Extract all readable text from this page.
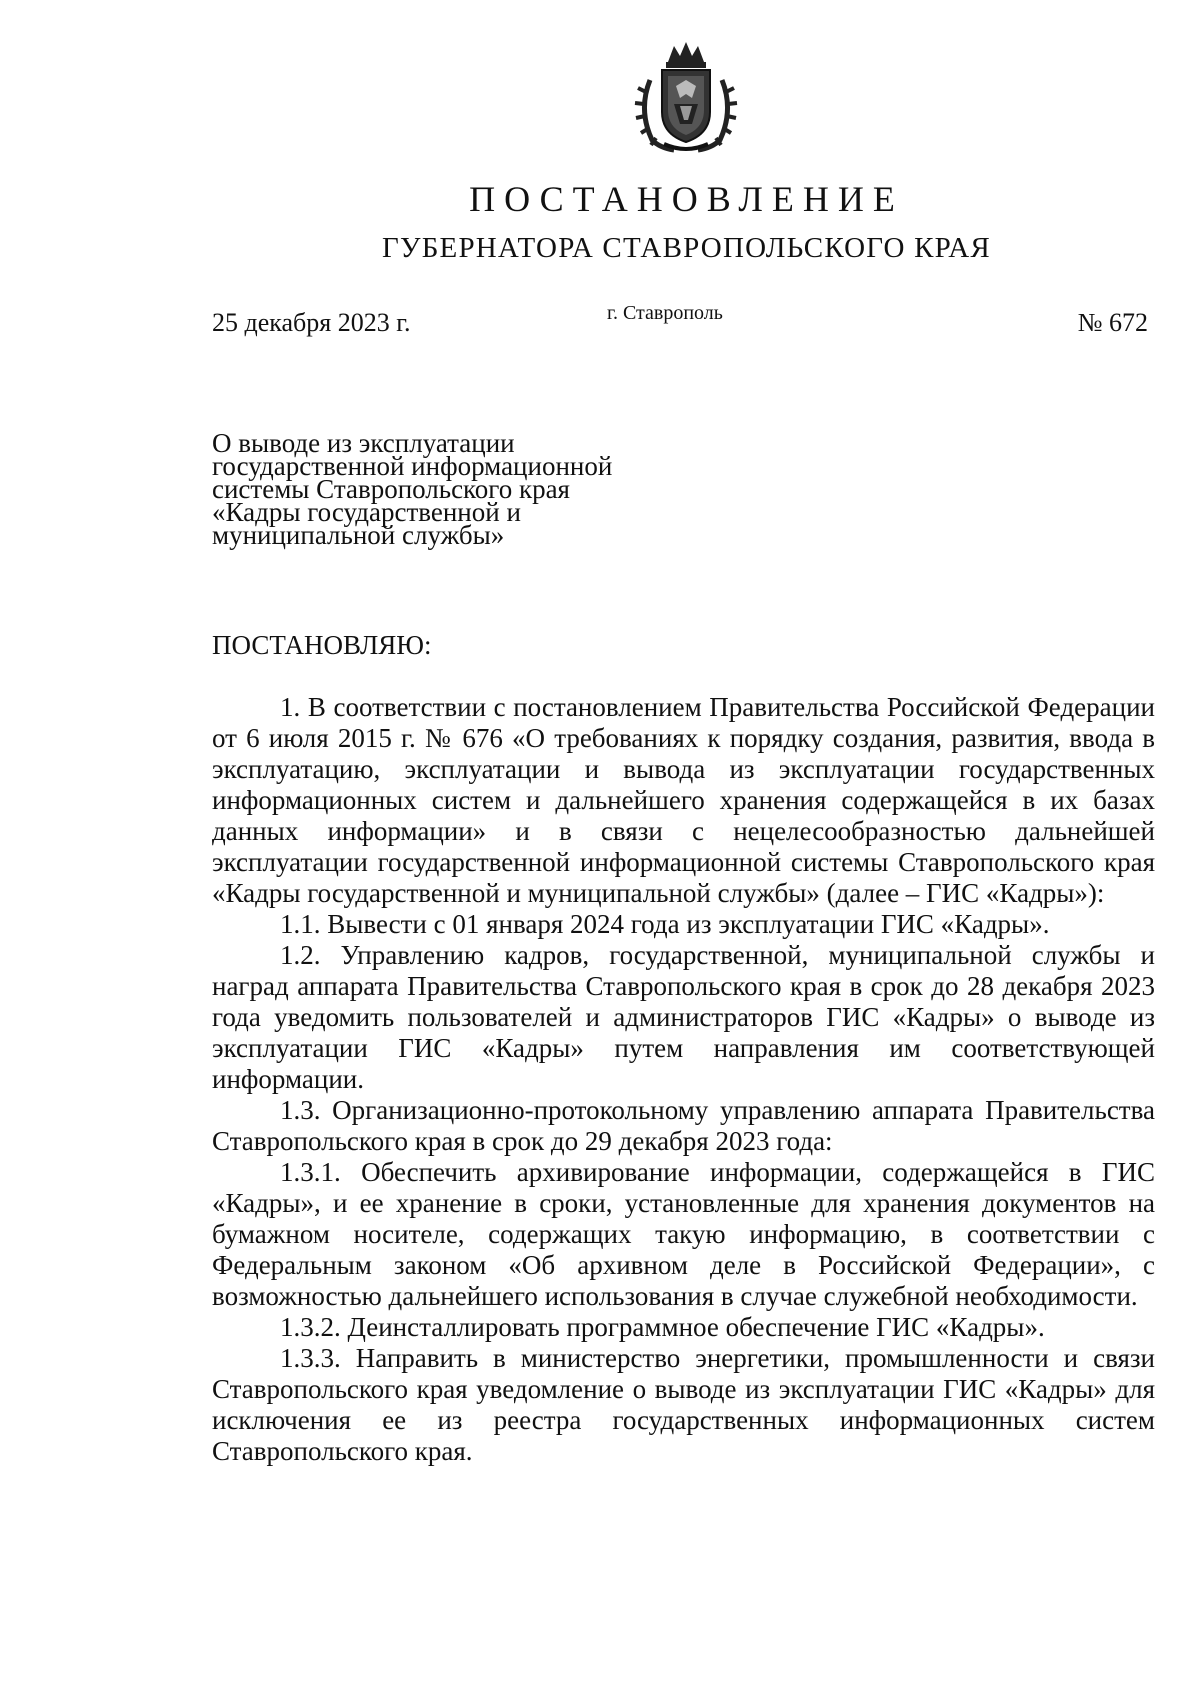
ПОСТАНОВЛЕНИЕ
ГУБЕРНАТОРА СТАВРОПОЛЬСКОГО КРАЯ
25 декабря 2023 г.	г. Ставрополь	№ 672
О выводе из эксплуатации
государственной информационной
системы Ставропольского края
«Кадры государственной и
муниципальной службы»
ПОСТАНОВЛЯЮ:

1. В соответствии с постановлением Правительства Российской Федерации от 6 июля 2015 г. № 676 «О требованиях к порядку создания, развития, ввода в эксплуатацию, эксплуатации и вывода из эксплуатации государственных информационных систем и дальнейшего хранения содержащейся в их базах данных информации» и в связи с нецелесообразностью дальнейшей эксплуатации государственной информационной системы Ставропольского края «Кадры государственной и муниципальной службы» (далее – ГИС «Кадры»):

1.1. Вывести с 01 января 2024 года из эксплуатации ГИС «Кадры».

1.2. Управлению кадров, государственной, муниципальной службы и наград аппарата Правительства Ставропольского края в срок до 28 декабря 2023 года уведомить пользователей и администраторов ГИС «Кадры» о выводе из эксплуатации ГИС «Кадры» путем направления им соответствующей информации.

1.3. Организационно-протокольному управлению аппарата Правительства Ставропольского края в срок до 29 декабря 2023 года:

1.3.1. Обеспечить архивирование информации, содержащейся в ГИС «Кадры», и ее хранение в сроки, установленные для хранения документов на бумажном носителе, содержащих такую информацию, в соответствии с Федеральным законом «Об архивном деле в Российской Федерации», с возможностью дальнейшего использования в случае служебной необходимости.

1.3.2. Деинсталлировать программное обеспечение ГИС «Кадры».

1.3.3. Направить в министерство энергетики, промышленности и связи Ставропольского края уведомление о выводе из эксплуатации ГИС «Кадры» для исключения ее из реестра государственных информационных систем Ставропольского края.
